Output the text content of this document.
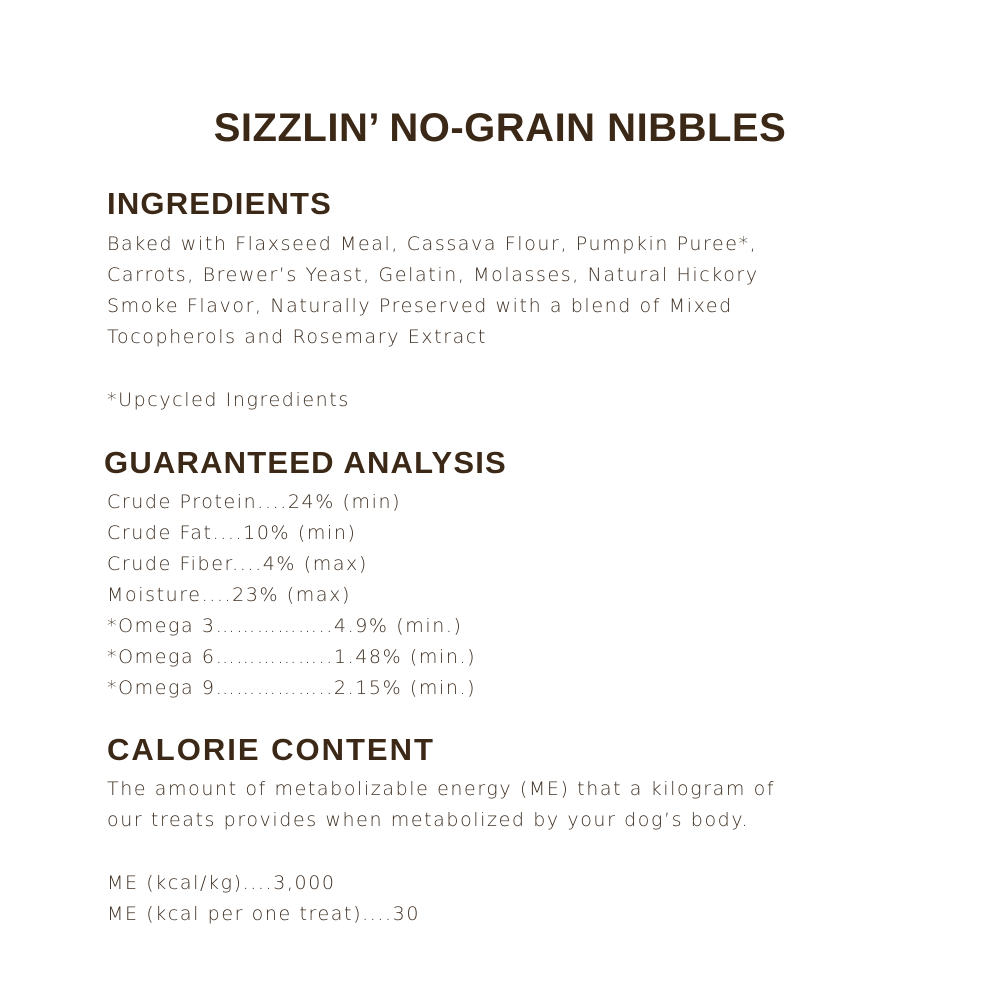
SIZZLIN’ NO-GRAIN NIBBLES
INGREDIENTS
Baked with Flaxseed Meal, Cassava Flour, Pumpkin Puree*,
Carrots, Brewer’s Yeast, Gelatin, Molasses, Natural Hickory
Smoke Flavor, Naturally Preserved with a blend of Mixed
Tocopherols and Rosemary Extract
*Upcycled Ingredients
GUARANTEED ANALYSIS
Crude Protein....24% (min)
Crude Fat....10% (min)
Crude Fiber....4% (max)
Moisture....23% (max)
*Omega 3……………..4.9% (min.)
*Omega 6……………..1.48% (min.)
*Omega 9……………..2.15% (min.)
CALORIE CONTENT
The amount of metabolizable energy (ME) that a kilogram of
our treats provides when metabolized by your dog’s body.
ME (kcal/kg)....3,000
ME (kcal per one treat)....30
